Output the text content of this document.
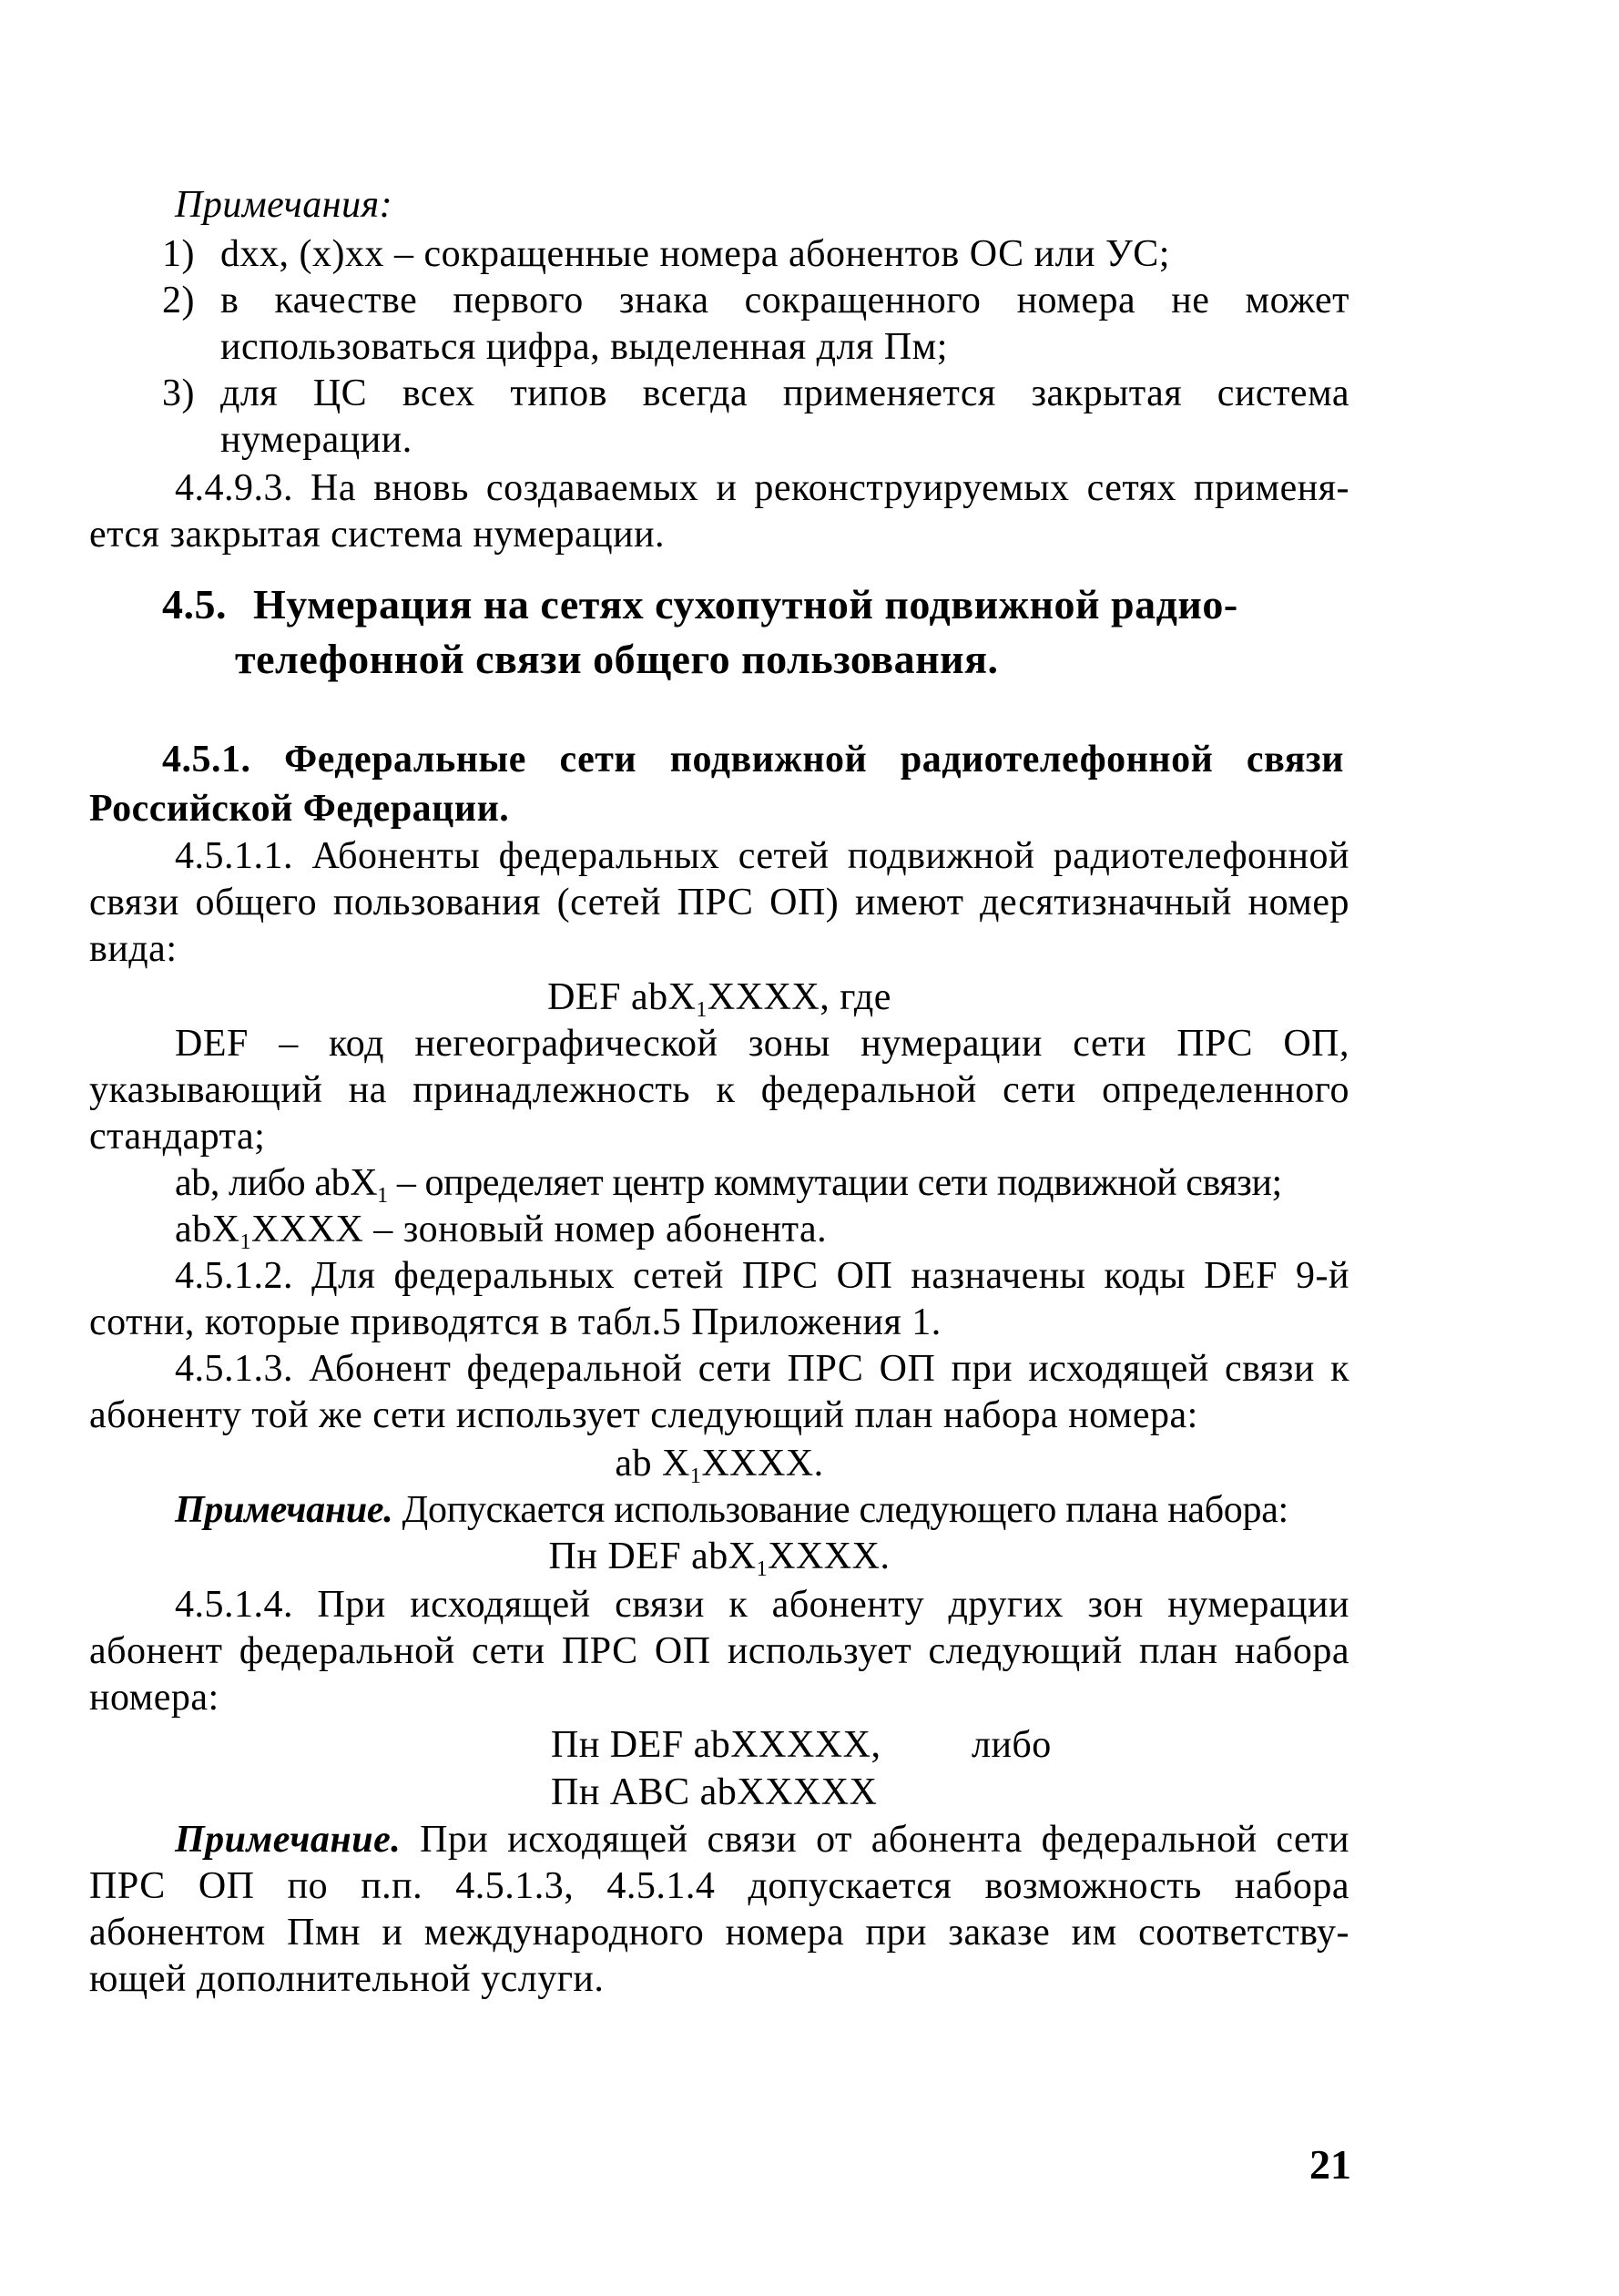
Примечания:

1) dxx, (x)xx – сокращенные номера абонентов ОС или УС;

2) в качестве первого знака сокращенного номера не может

использоваться цифра, выделенная для Пм;

3) для ЦС всех типов всегда применяется закрытая система

нумерации.

4.4.9.3. На вновь создаваемых и реконструируемых сетях применя-

ется закрытая система нумерации.

4.5. Нумерация на сетях сухопутной подвижной радио-

телефонной связи общего пользования.

4.5.1. Федеральные сети подвижной радиотелефонной связи

Российской Федерации.

4.5.1.1. Абоненты федеральных сетей подвижной радиотелефонной

связи общего пользования (сетей ПРС ОП) имеют десятизначный номер

вида:

DEF abX$_1$XXXX, где

DEF – код негеографической зоны нумерации сети ПРС ОП,

указывающий на принадлежность к федеральной сети определенного

стандарта;

ab, либо abX$_1$ – определяет центр коммутации сети подвижной связи;

abX$_1$XXXX – зоновый номер абонента.

4.5.1.2. Для федеральных сетей ПРС ОП назначены коды DEF 9-й

сотни, которые приводятся в табл.5 Приложения 1.

4.5.1.3. Абонент федеральной сети ПРС ОП при исходящей связи к

абоненту той же сети использует следующий план набора номера:

ab $X_1XXXX$.

Примечание. Допускается использование следующего плана набора:

Пн DEF abX$_1$XXXX.

4.5.1.4. При исходящей связи к абоненту других зон нумерации

абонент федеральной сети ПРС ОП использует следующий план набора

номера:

Пн DEF abXXXXX, либо

Пн ABC abXXXXX

Примечание. При исходящей связи от абонента федеральной сети

ПРС ОП по п.п. 4.5.1.3, 4.5.1.4 допускается возможность набора

абонентом Пмн и международного номера при заказе им соответству-

ющей дополнительной услуги.

21
